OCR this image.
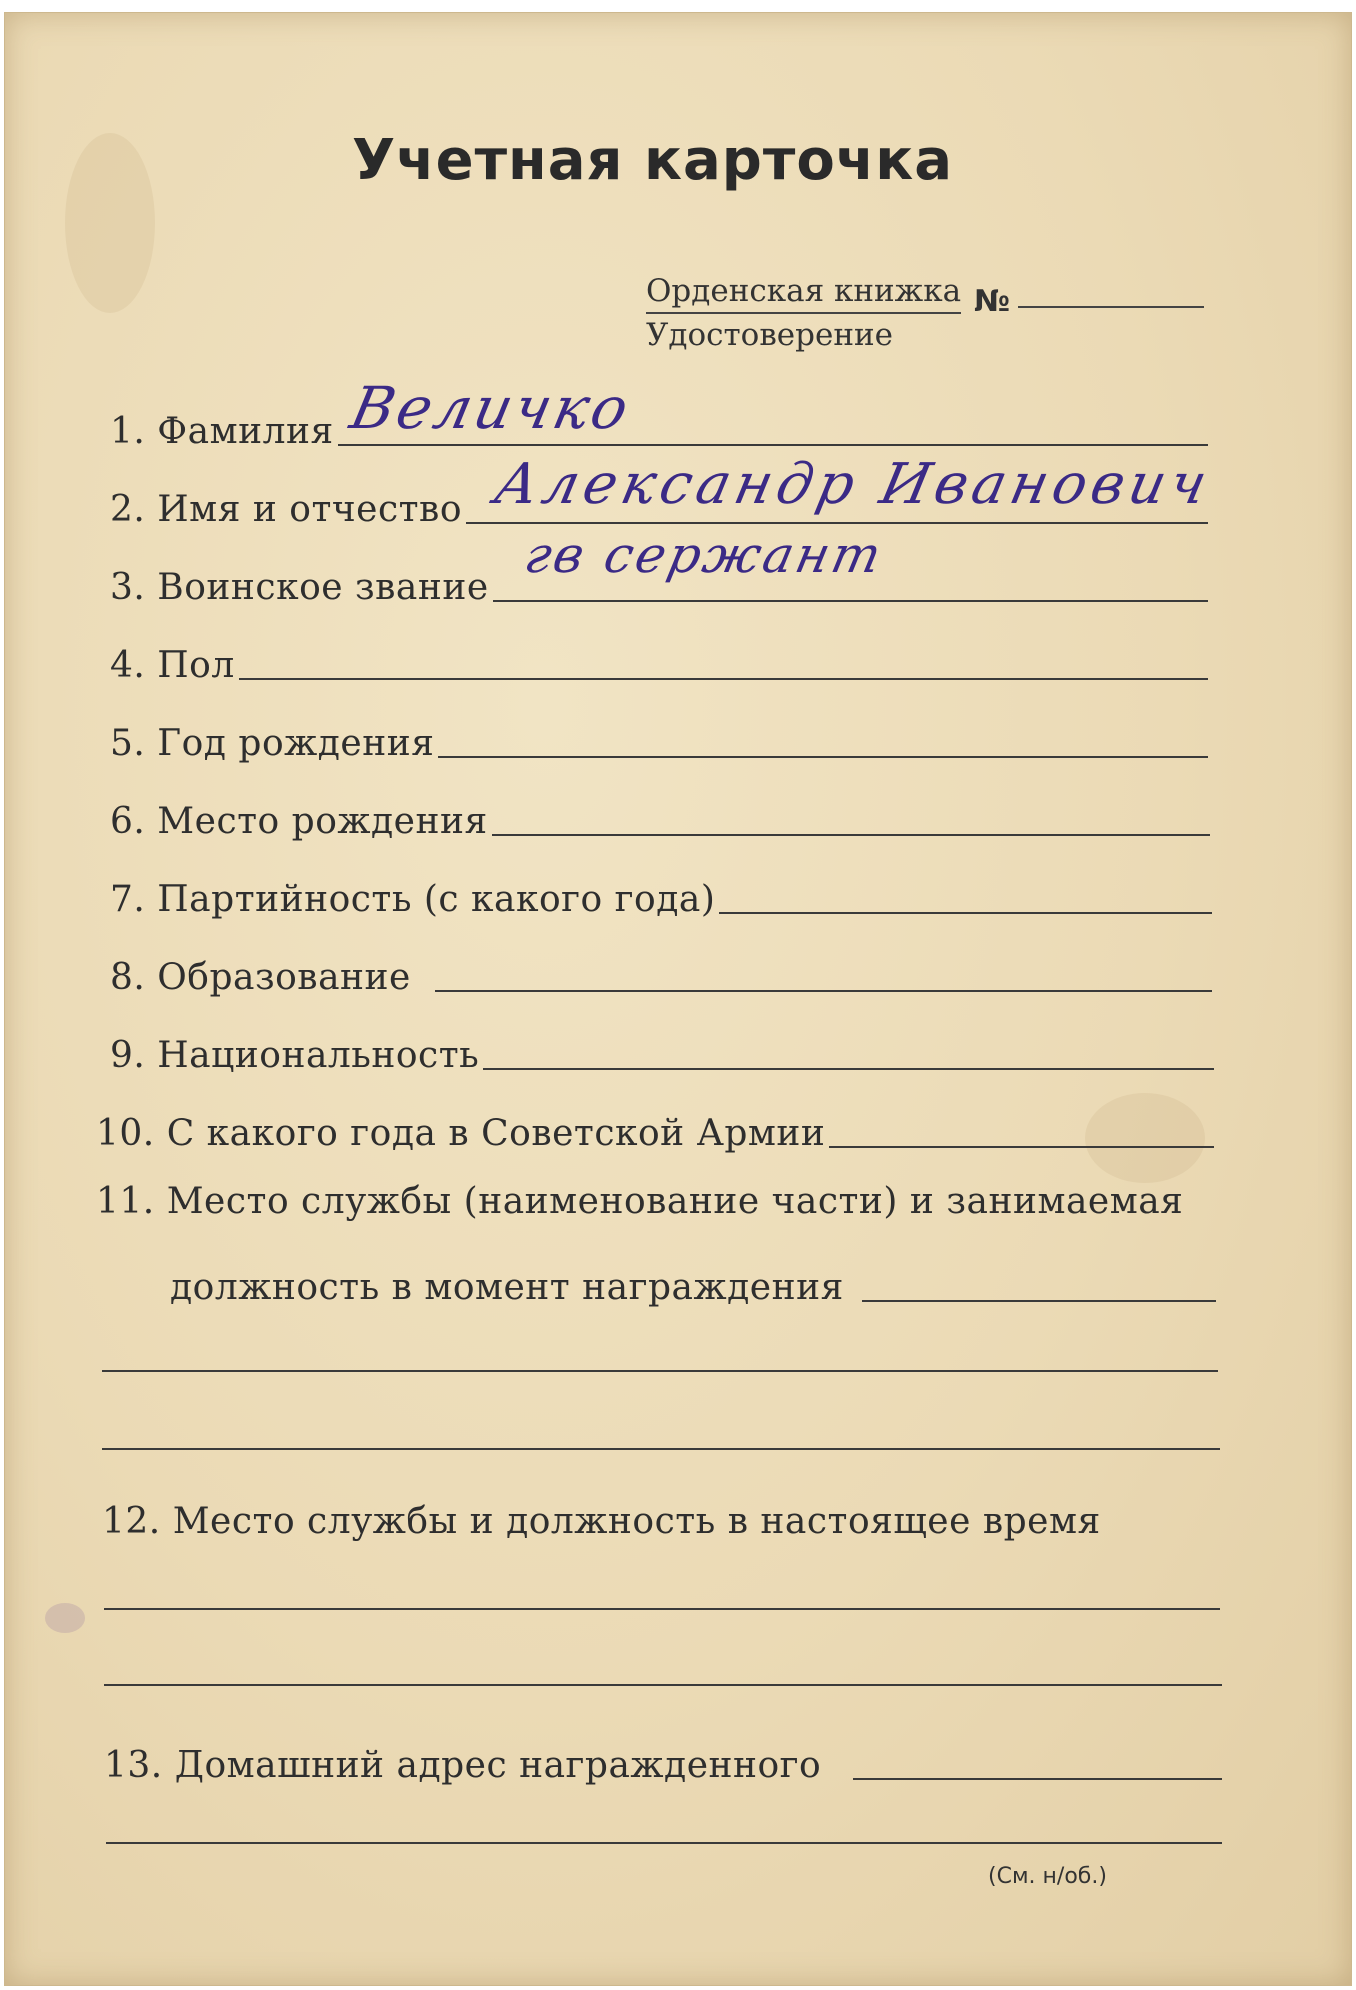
Учетная карточка
Орденская книжка
Удостоверение
№
1. Фамилия Величко
2. Имя и отчество Александр Иванович
3. Воинское звание
гв сержант
4. Пол
5. Год рождения
6. Место рождения
7. Партийность (с какого года)
8. Образование
9. Национальность
10. С какого года в Советской Армии
11. Место службы (наименование части) и занимаемая
должность в момент награждения
12. Место службы и должность в настоящее время
13. Домашний адрес награжденного
(См. н/об.)
